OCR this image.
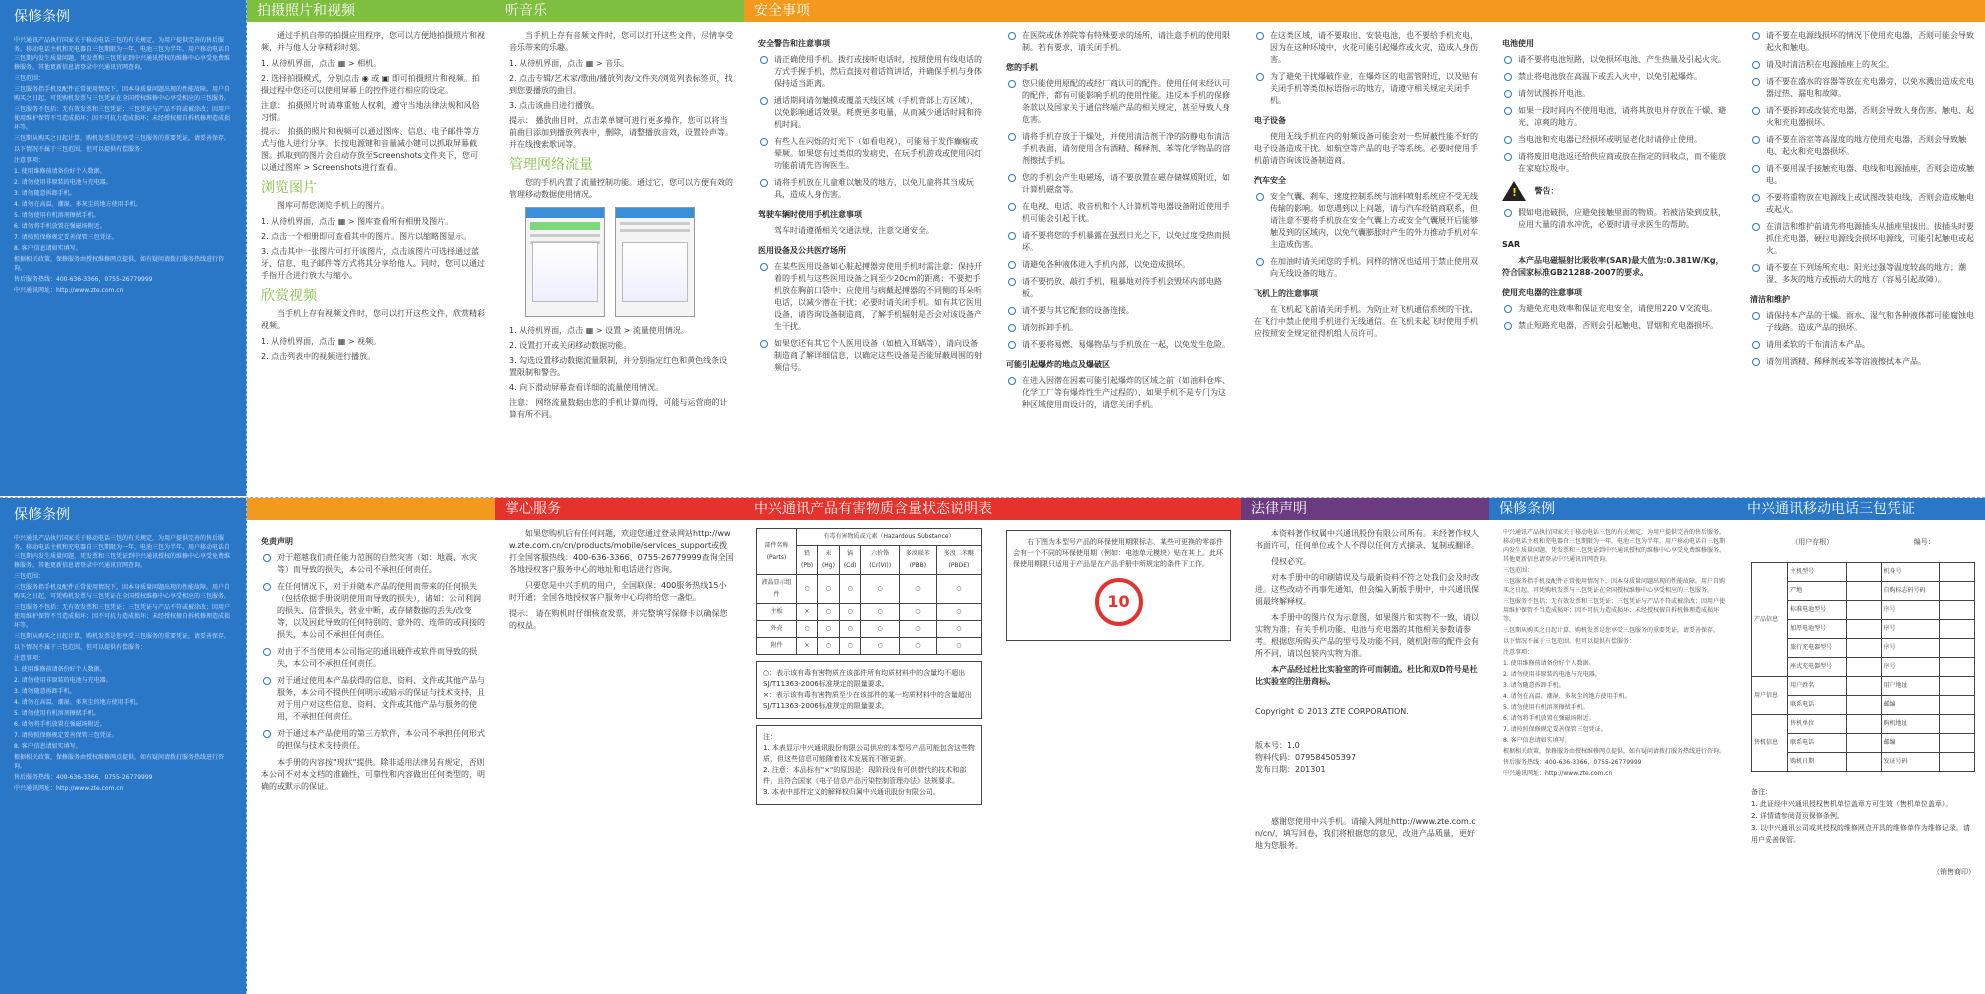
保修条例
中兴通讯产品执行国家关于移动电话三包的有关规定，为用户提供完善的售后服务。移动电话主机和充电器自三包期限为一年，电池三包为半年。用户移动电话自三包期内发生质量问题，凭发票和三包凭证到中兴通讯授权的维修中心享受免费维修服务。其他更新信息请登录中兴通讯官网查询。
三包范围：
三包服务指手机及配件正常使用情况下，因本身质量问题出现的性能故障。用户自购买之日起，可凭购机发票与三包凭证在全国授权维修中心享受相应的三包服务。
三包服务不包括：无有效发票和三包凭证；三包凭证与产品不符或被涂改；因用户使用维护保管不当造成损坏；因不可抗力造成损坏；未经授权擅自拆机修理造成损坏等。
三包期从购买之日起计算，购机发票是您享受三包服务的重要凭证，请妥善保存。
以下情况不属于三包范围，但可以提供有偿服务：
注意事项：
1. 使用维修前请备份好个人数据。
2. 请勿使用非原装的电池与充电器。
3. 请勿随意拆卸手机。
4. 请勿在高温、潮湿、多灰尘的地方使用手机。
5. 请勿使用有机溶剂擦拭手机。
6. 请勿将手机放置在强磁场附近。
7. 请按照保修规定妥善保管三包凭证。
8. 客户信息请如实填写。
根据相关政策，保修服务由授权维修网点提供，如有疑问请拨打服务热线进行咨询。
售后服务热线：400-636-3366，0755-26779999
中兴通讯网址：http://www.zte.com.cn
拍摄照片和视频
通过手机自带的拍摄应用程序，您可以方便地拍摄照片和视频，并与他人分享精彩时刻。
1. 从待机界面，点击 ▦ > 相机。
2. 选择拍摄模式，分别点击 ◉ 或 ▣ 即可拍摄照片和视频。拍摄过程中您还可以使用屏幕上的控件进行相应的设定。
注意： 拍摄照片时请尊重他人权利，遵守当地法律法规和风俗习惯。
提示： 拍摄的照片和视频可以通过图库、信息、电子邮件等方式与他人进行分享。长按电源键和音量减小键可以抓取屏幕截图。抓取到的图片会自动存放至Screenshots文件夹下，您可以通过图库 > Screenshots进行查看。
浏览图片
图库可帮您浏览手机上的图片。
1. 从待机界面，点击 ▦ > 图库查看所有相册及图片。
2. 点击一个相册即可查看其中的图片。图片以缩略图显示。
3. 点击其中一张图片可打开该图片，点击该图片可选择通过蓝牙、信息、电子邮件等方式将其分享给他人。同时，您可以通过手指开合进行放大与缩小。
欣赏视频
当手机上存有视频文件时，您可以打开这些文件，欣赏精彩视频。
1. 从待机界面，点击 ▦ > 视频。
2. 点击列表中的视频进行播放。
听音乐
当手机上存有音频文件时，您可以打开这些文件，尽情享受音乐带来的乐趣。
1. 从待机界面，点击 ▦ > 音乐。
2. 点击专辑/艺术家/歌曲/播放列表/文件夹/浏览列表标签页，找到您要播放的曲目。
3. 点击该曲目进行播放。
提示： 播放曲目时，点击菜单键可进行更多操作，您可以将当前曲目添加到播放列表中，删除，请整播放音效，设置铃声等。并在线搜索歌词等。
管理网络流量
您的手机内置了流量控制功能。通过它，您可以方便有效的管理移动数据使用情况。
1. 从待机界面，点击 ▦ > 设置 > 流量使用情况。
2. 设置打开或关闭移动数据功能。
3. 勾选设置移动数据流量限制，并分别指定红色和黄色线条设置限制和警告。
4. 向下滑动屏幕查看详细的流量使用情况。
注意： 网络流量数据由您的手机计算而得，可能与运营商的计算有所不同。
安全事项
安全警告和注意事项
请正确使用手机。拨打或接听电话时，按照使用有线电话的方式手握手机，然后直接对着话筒讲话，并确保手机与身体保持适当距离。
通话期间请勿触摸或覆盖天线区域（手机背部上方区域），以免影响通话效果。耗费更多电量，从而减少通话时间和待机时间。
有些人在闪烁的灯光下（如看电视），可能易于发作癫痫或晕厥。如果您有过类似的发病史，在玩手机游戏或使用闪灯功能前请先咨询医生。
请将手机放在儿童难以触及的地方，以免儿童将其当成玩具，造成人身伤害。
驾驶车辆时使用手机注意事项
驾车时请遵循相关交通法规，注意交通安全。
医用设备及公共医疗场所
在某些医用设备如心脏起搏器旁使用手机时需注意：保持开着的手机与这些医用设备之间至少20cm的距离；不要把手机放在胸前口袋中；应使用与病戴起搏器的不同侧的耳朵听电话，以减少潜在干扰；必要时请关闭手机。如有其它医用设备，请咨询设备制造商，了解手机辐射是否会对该设备产生干扰。
如果您还有其它个人医用设备（如植入耳蜗等），请向设备制造商了解详细信息，以确定这些设备是否能屏蔽周围的射频信号。
在医院或休养院等有特殊要求的场所，请注意手机的使用限制。若有要求，请关闭手机。
您的手机
您只能使用原配的或经厂商认可的配件。使用任何未经认可的配件，都有可能影响手机的使用性能。违反本手机的保修条款以及国家关于通信终端产品的相关规定，甚至导致人身危害。
请将手机存放于干燥处，并使用清洁剂干净的防静电布清洁手机表面，请勿使用含有酒精、稀释剂、苯等化学物品的溶剂擦拭手机。
您的手机会产生电磁场，请不要放置在磁存储媒质附近，如计算机磁盘等。
在电视、电话、收音机和个人计算机等电器设备附近使用手机可能会引起干扰。
请不要将您的手机暴露在强烈日光之下，以免过度受热而损坏。
请避免各种液体进入手机内部，以免造成损坏。
请不要扔放、敲打手机，粗暴地对待手机会毁坏内部电路板。
请不要与其它配套的设备连接。
请勿拆卸手机。
请不要将易燃、易爆物品与手机放在一起，以免发生危险。
可能引起爆炸的地点及爆破区
在进入因潜在因素可能引起爆炸的区域之前（如油料仓库、化学工厂等有爆炸性生产过程的），如果手机不是专门为这种区域使用而设计的，请您关闭手机。
在这类区域，请不要取出、安装电池，也不要给手机充电，因为在这种环境中，火花可能引起爆炸或火灾，造成人身伤害。
为了避免干扰爆破作业，在爆炸区的电雷管附近，以及贴有关闭手机等类似标语指示的地方，请遵守相关规定关闭手机。
电子设备
使用无线手机在内的射频设备可能会对一些屏蔽性能不好的电子设备造成干扰。如航空等产品的电子等系统。必要时使用手机前请咨询该设备制造商。
汽车安全
安全气囊、刹车、速度控制系统与油料喷射系统应不受无线传输的影响。如您遇到以上问题，请与汽车经销商联系，但请注意不要将手机放在安全气囊上方或安全气囊展开后能够触及到的区域内，以免气囊膨胀时产生的外力推动手机对车主造成伤害。
在加油时请关闭您的手机。同样的情况也适用于禁止使用双向无线设备的地方。
飞机上的注意事项
在飞机起飞前请关闭手机。为防止对飞机通信系统的干扰，在飞行中禁止使用手机进行无线通信。在飞机未起飞时使用手机应按照安全规定征得机组人员许可。
电池使用
请不要将电池短路，以免损坏电池、产生热量及引起火灾。
禁止将电池放在高温下或丢入火中，以免引起爆炸。
请勿试图拆开电池。
如果一段时间内不使用电池，请将其放电并存放在干燥、避光、凉爽的地方。
当电池和充电器已经损坏或明显老化时请停止使用。
请将废旧电池返还给供应商或放在指定的回收点，而不能放在家庭垃圾中。
! 警告：
假如电池破损，应避免接触里面的物质。若被沾染到皮肤，应用大量的清水冲洗，必要时请寻求医生的帮助。
SAR
本产品电磁辐射比吸收率(SAR)最大值为:0.381W/Kg，符合国家标准GB21288-2007的要求。
使用充电器的注意事项
为避免充电效率和保证充电安全，请使用220 V交流电。
禁止短路充电器，否则会引起触电、冒烟和充电器损坏。
请不要在电源线损坏的情况下使用充电器，否则可能会导致起火和触电。
请及时清洁积在电源插座上的灰尘。
请不要在盛水的容器等放在充电器旁，以免水溅出造成充电器过热、漏电和故障。
请不要拆卸或改装充电器，否则会导致人身伤害、触电、起火和充电器损坏。
请不要在浴室等高湿度的地方使用充电器，否则会导致触电、起火和充电器损坏。
请不要用湿手接触充电器、电线和电源插座，否则会造成触电。
不要将重物放在电源线上或试图改装电线，否则会造成触电或起火。
在清洁和维护前请先将电源插头从插座里拔出。拔插头时要抓住充电器，硬拉电源线会损坏电源线，可能引起触电或起火。
请不要在下列场所充电：阳光过强等温度较高的地方；潮湿、多灰的地方或振动大的地方（容易引起故障）。
清洁和维护
请保持本产品的干燥。雨水、湿气和各种液体都可能腐蚀电子线路。造成产品的损坏。
请用柔软的干布清洁本产品。
请勿用酒精、稀释剂或苯等溶液擦拭本产品。
保修条例
中兴通讯产品执行国家关于移动电话三包的有关规定，为用户提供完善的售后服务。移动电话主机和充电器自三包期限为一年，电池三包为半年。用户移动电话自三包期内发生质量问题，凭发票和三包凭证到中兴通讯授权的维修中心享受免费维修服务。其他更新信息请登录中兴通讯官网查询。
三包范围：
三包服务指手机及配件正常使用情况下，因本身质量问题出现的性能故障。用户自购买之日起，可凭购机发票与三包凭证在全国授权维修中心享受相应的三包服务。
三包服务不包括：无有效发票和三包凭证；三包凭证与产品不符或被涂改；因用户使用维护保管不当造成损坏；因不可抗力造成损坏；未经授权擅自拆机修理造成损坏等。
三包期从购买之日起计算，购机发票是您享受三包服务的重要凭证，请妥善保存。
以下情况不属于三包范围，但可以提供有偿服务：
注意事项：
1. 使用维修前请备份好个人数据。
2. 请勿使用非原装的电池与充电器。
3. 请勿随意拆卸手机。
4. 请勿在高温、潮湿、多灰尘的地方使用手机。
5. 请勿使用有机溶剂擦拭手机。
6. 请勿将手机放置在强磁场附近。
7. 请按照保修规定妥善保管三包凭证。
8. 客户信息请如实填写。
根据相关政策，保修服务由授权维修网点提供，如有疑问请拨打服务热线进行咨询。
售后服务热线：400-636-3366，0755-26779999
中兴通讯网址：http://www.zte.com.cn
免责声明
对于超越我们责任能力范围的自然灾害（如：地震、水灾等）而导致的损失，本公司不承担任何责任。
在任何情况下，对于并随本产品的使用而带来的任何损失（包括依据手册说明使用而导致的损失），诸如：公司利润的损失、信誉损失，营业中断，或存储数据的丢失/改变等，以及因此导致的任何特别的、意外的、连带的或间接的损失，本公司不承担任何责任。
对由于不当使用本公司指定的通讯硬件或软件而导致的损失，本公司不承担任何责任。
对于通过使用本产品获得的信息、资料、文件或其他产品与服务，本公司不提供任何明示或暗示的保证与技术支持，且对于用户对这些信息、资料、文件或其他产品与服务的使用，不承担任何责任。
对于通过本产品使用的第三方软件，本公司不承担任何形式的担保与技术支持责任。
本手册的内容按"现状"提供。除非适用法律另有规定，否则本公司不对本文档的准确性、可靠性和内容做出任何类型的，明确的或默示的保证。
掌心服务
如果您购机后有任何问题，欢迎您通过登录网站http://www.zte.com.cn/cn/products/mobile/services_support或拨打全国客服热线：400-636-3366、0755-26779999查询全国各地授权客户服务中心的地址和电话进行咨询。
只要您是中兴手机的用户，全国联保：400服务热线15小时开通；全国各地授权客户服务中心均将给您一盏炬。
提示： 请在购机时仔细核查发票，并完整填写保修卡以确保您的权益。
中兴通讯产品有害物质含量状态说明表
部件名称(Parts)	有毒有害物质或元素（Hazardous Substance）					
	铅(Pb)	汞(Hg)	镉(Cd)	六价铬(Cr(VI))	多溴联苯(PBB)	多溴二苯醚(PBDE)
液晶显示组件	○	○	○	○	○	○
主板	×	○	○	○	○	○
外壳	○	○	○	○	○	○
附件	×	○	○	○	○	○
○：表示该有毒有害物质在该部件所有均质材料中的含量均不超出SJ/T11363-2006标准规定的限量要求。
×：表示该有毒有害物质至少在该部件的某一均质材料中的含量超出SJ/T11363-2006标准规定的限量要求。
注：
1. 本表显示中兴通讯股份有限公司供应的本型号产品可能包含这些物质，但这些信息可能随着技术发展而不断更新。
2. 注意：本品标有"×"的原因是：现阶段没有可供替代的技术和部件，且符合国家《电子信息产品污染控制管理办法》法规要求。
3. 本表中部件定义的解释权归属中兴通讯股份有限公司。
右下图为本型号产品的环保使用期限标志，某些可更换的零部件会有一个不同的环保使用期（例如：电池单元模块）贴在其上。此环保使用期限只适用于产品是在产品手册中所规定的条件下工作。
10
法律声明
本资料著作权属中兴通讯股份有限公司所有。未经著作权人书面许可，任何单位或个人不得以任何方式摘录、复制或翻译。
侵权必究。
对本手册中的印刷错误及与最新资料不符之处我们会及时改进。这些改动不再事先通知，但会编入新版手册中，中兴通讯保留最终解释权。
本手册中的图片仅为示意图，如果图片和实物不一致，请以实物为准；有关手机功能、电池与充电器的其他相关参数请参考。根据您所购买产品的型号及功能不同，随机附带的配件会有所不同，请以包装内实物为准。
本产品经过杜比实验室的许可而制造。杜比和双D符号是杜比实验室的注册商标。
Copyright © 2013 ZTE CORPORATION.
版本号：1.0
物料代码：079584505397
发布日期：201301
感谢您使用中兴手机。请输入网址http://www.zte.com.cn/cn/，填写回卷，我们将根据您的意见，改进产品质量，更好地为您服务。
保修条例
中兴通讯产品执行国家关于移动电话三包的有关规定，为用户提供完善的售后服务。移动电话主机和充电器自三包期限为一年，电池三包为半年。用户移动电话自三包期内发生质量问题，凭发票和三包凭证到中兴通讯授权的维修中心享受免费维修服务。其他更新信息请登录中兴通讯官网查询。
三包范围：
三包服务指手机及配件正常使用情况下，因本身质量问题出现的性能故障。用户自购买之日起，可凭购机发票与三包凭证在全国授权维修中心享受相应的三包服务。
三包服务不包括：无有效发票和三包凭证；三包凭证与产品不符或被涂改；因用户使用维护保管不当造成损坏；因不可抗力造成损坏；未经授权擅自拆机修理造成损坏等。
三包期从购买之日起计算，购机发票是您享受三包服务的重要凭证，请妥善保存。
以下情况不属于三包范围，但可以提供有偿服务：
注意事项：
1. 使用维修前请备份好个人数据。
2. 请勿使用非原装的电池与充电器。
3. 请勿随意拆卸手机。
4. 请勿在高温、潮湿、多灰尘的地方使用手机。
5. 请勿使用有机溶剂擦拭手机。
6. 请勿将手机放置在强磁场附近。
7. 请按照保修规定妥善保管三包凭证。
8. 客户信息请如实填写。
根据相关政策，保修服务由授权维修网点提供，如有疑问请拨打服务热线进行咨询。
售后服务热线：400-636-3366，0755-26779999
中兴通讯网址：http://www.zte.com.cn
中兴通讯移动电话三包凭证
（用户存根）	编号：
产品信息	主机型号		机身号	
	产地		自购标志码号码	
	标准电池型号		序号	
	加厚电池型号		序号	
	旅行充电器型号		序号	
	座式充电器型号		序号	
用户信息	用户姓名		用户地址	
	联系电话		邮编	
售机信息	售机单位		购机地址	
	联系电话		邮编	
	购机日期		发证号码	
备注：
1. 此证经中兴通讯授权售机单位盖章方可生效（售机单位盖章）。
2. 详情请参阅背页保修条例。
3. 以中兴通讯公司或其授权的维修网点开具的维修单作为维修记录。请用户妥善保管。
（销售商印）
